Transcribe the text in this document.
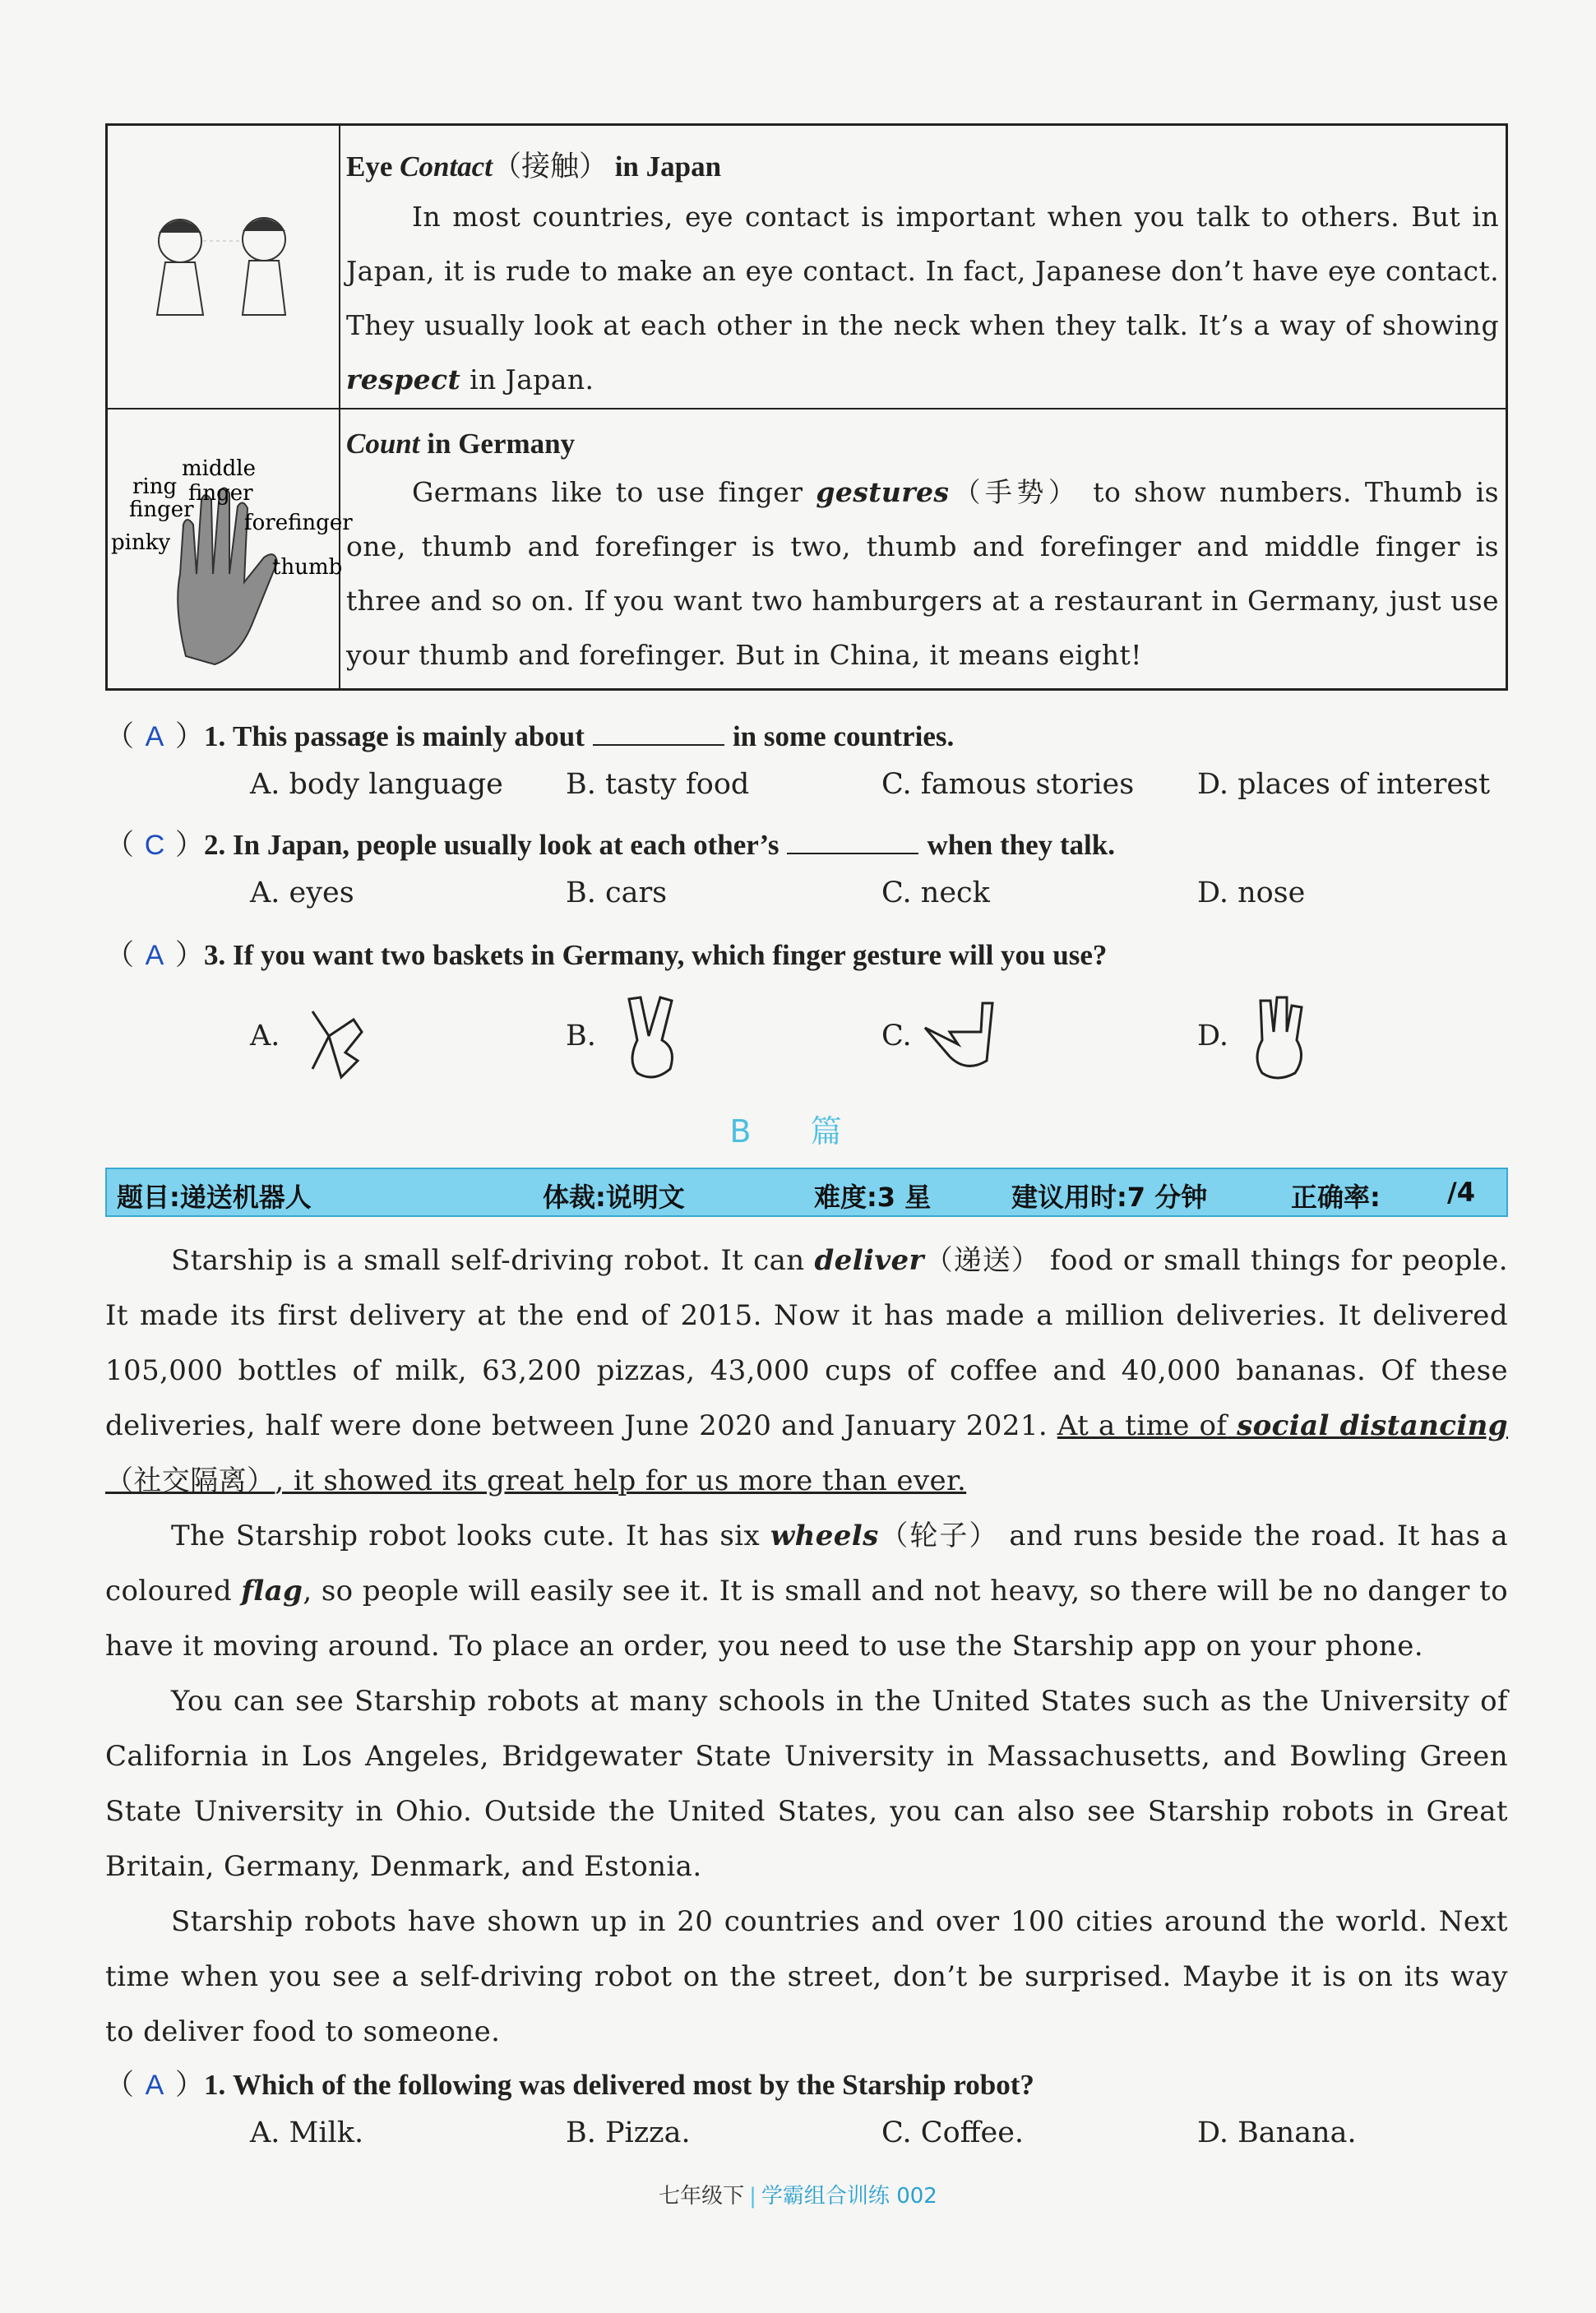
Eye Contact（接触） in Japan
In most countries, eye contact is important when you talk to others. But in Japan, it is rude to make an eye contact. In fact, Japanese don’t have eye contact. They usually look at each other in the neck when they talk. It’s a way of showing respect in Japan.
middle
finger
ring
finger
forefinger
pinky
thumb
Count in Germany
Germans like to use finger gestures（手势） to show numbers. Thumb is one, thumb and forefinger is two, thumb and forefinger and middle finger is three and so on. If you want two hamburgers at a restaurant in Germany, just use your thumb and forefinger. But in China, it means eight!
（ A ）1. This passage is mainly about	in some countries.
A. body language B. tasty food	C. famous stories D. places of interest
（ C ）2. In Japan, people usually look at each other’s	when they talk.
A. eyes	B. cars	C. neck	D. nose
（ A ）3. If you want two baskets in Germany, which finger gesture will you use?
A.	B.	C.	D.
B 篇
题目:递送机器人	体裁:说明文	难度:3 星	建议用时:7 分钟	正确率:	/4

Starship is a small self-driving robot. It can deliver（递送） food or small things for people. It made its first delivery at the end of 2015. Now it has made a million deliveries. It delivered 105,000 bottles of milk, 63,200 pizzas, 43,000 cups of coffee and 40,000 bananas. Of these deliveries, half were done between June 2020 and January 2021. At a time of social distancing（社交隔离）, it showed its great help for us more than ever.

The Starship robot looks cute. It has six wheels（轮子） and runs beside the road. It has a coloured flag, so people will easily see it. It is small and not heavy, so there will be no danger to have it moving around. To place an order, you need to use the Starship app on your phone.

You can see Starship robots at many schools in the United States such as the University of California in Los Angeles, Bridgewater State University in Massachusetts, and Bowling Green State University in Ohio. Outside the United States, you can also see Starship robots in Great Britain, Germany, Denmark, and Estonia.

Starship robots have shown up in 20 countries and over 100 cities around the world. Next time when you see a self-driving robot on the street, don’t be surprised. Maybe it is on its way to deliver food to someone.

（ A ）1. Which of the following was delivered most by the Starship robot?
A. Milk.	B. Pizza.	C. Coffee.	D. Banana.
七年级下 | 学霸组合训练 002
